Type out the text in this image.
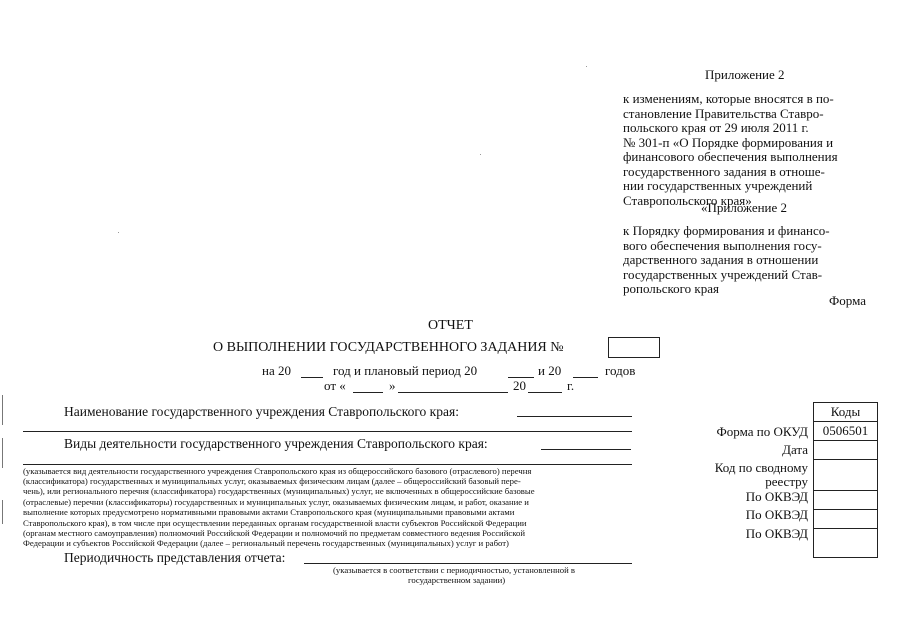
Приложение 2
к изменениям, которые вносятся в по-
становление Правительства Ставро-
польского края от 29 июля 2011 г.
№ 301-п «О Порядке формирования и
финансового обеспечения выполнения
государственного задания в отноше-
нии государственных учреждений
Ставропольского края»
«Приложение 2
к Порядку формирования и финансо-
вого обеспечения выполнения госу-
дарственного задания в отношении
государственных учреждений Став-
ропольского края
Форма
ОТЧЕТ
О ВЫПОЛНЕНИИ ГОСУДАРСТВЕННОГО ЗАДАНИЯ №
на 20	год и плановый период 20	и 20	годов
от «	»	20	г.
Наименование государственного учреждения Ставропольского края:
Виды деятельности государственного учреждения Ставропольского края:
(указывается вид деятельности государственного учреждения Ставропольского края из общероссийского базового (отраслевого) перечня
(классификатора) государственных и муниципальных услуг, оказываемых физическим лицам (далее – общероссийский базовый пере-
чень), или регионального перечня (классификатора) государственных (муниципальных) услуг, не включенных в общероссийские базовые
(отраслевые) перечни (классификаторы) государственных и муниципальных услуг, оказываемых физическим лицам, и работ, оказание и
выполнение которых предусмотрено нормативными правовыми актами Ставропольского края (муниципальными правовыми актами
Ставропольского края), в том числе при осуществлении переданных органам государственной власти субъектов Российской Федерации
(органам местного самоуправления) полномочий Российской Федерации и полномочий по предметам совместного ведения Российской
Федерации и субъектов Российской Федерации (далее – региональный перечень государственных (муниципальных) услуг и работ)
Периодичность представления отчета:
(указывается в соответствии с периодичностью, установленной в
государственном задании)
Коды
Форма по ОКУД	0506501
Дата
Код по сводному
реестру
По ОКВЭД
По ОКВЭД
По ОКВЭД
